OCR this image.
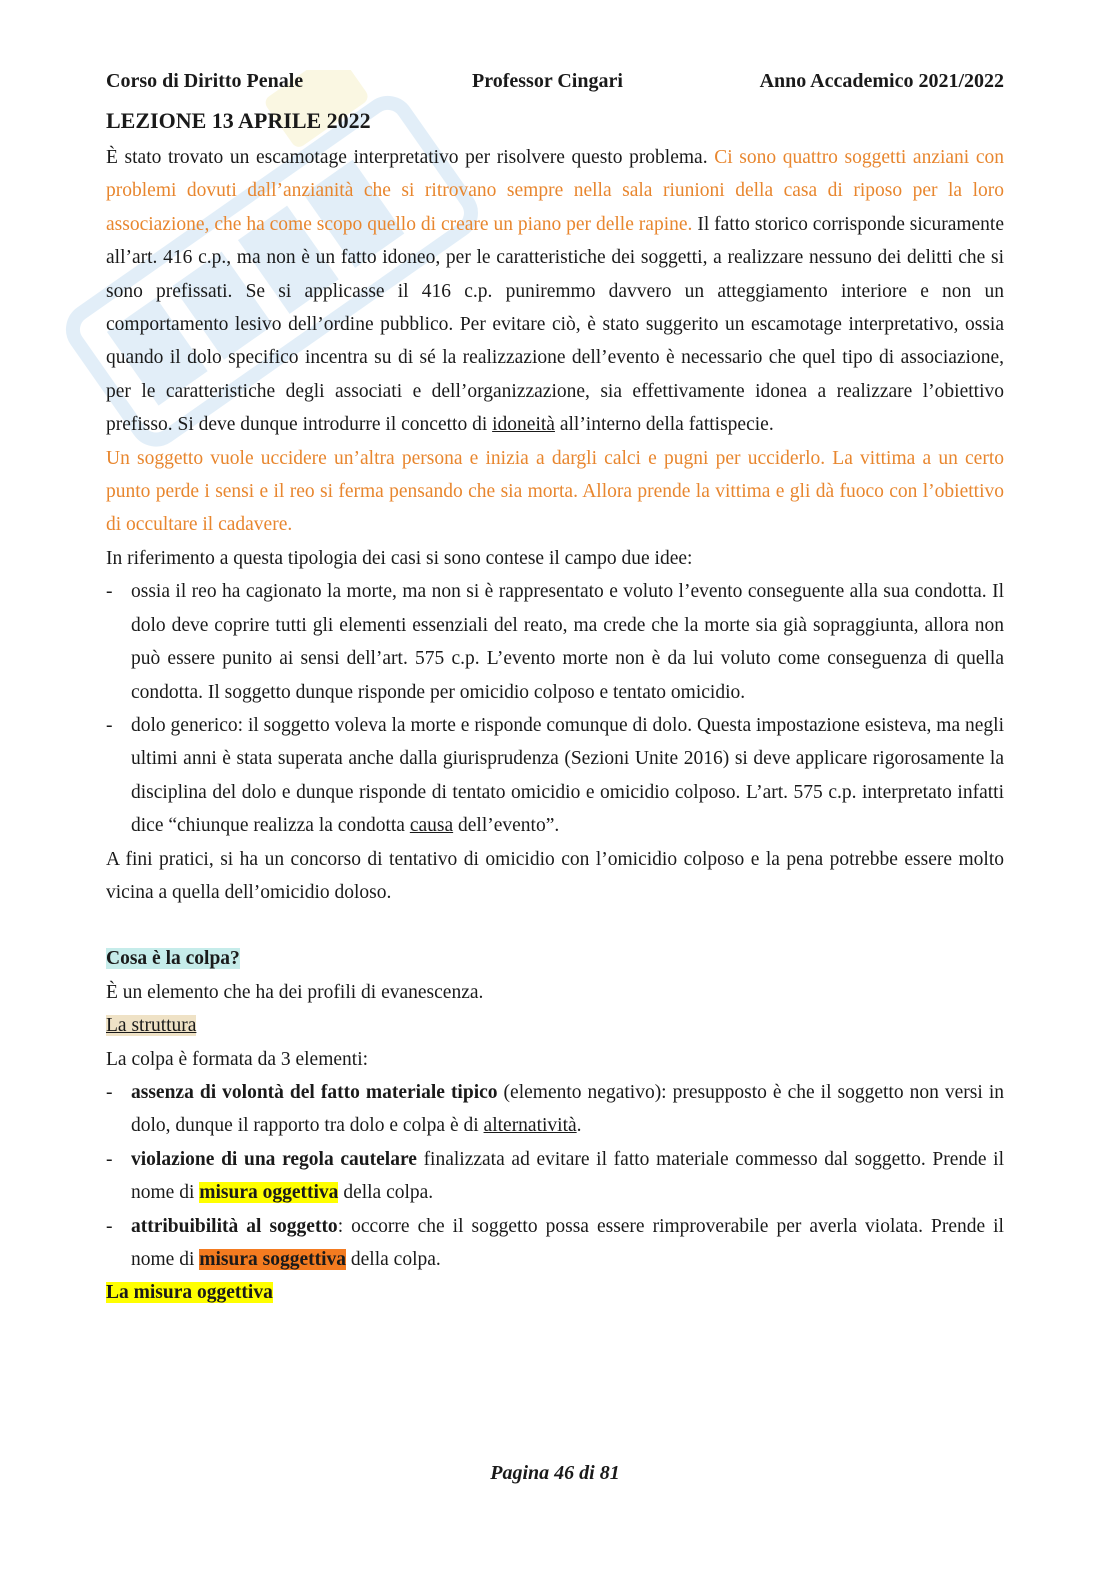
Corso di Diritto Penale	Professor Cingari	Anno Accademico 2021/2022
LEZIONE 13 APRILE 2022

È stato trovato un escamotage interpretativo per risolvere questo problema. Ci sono quattro soggetti anziani con problemi dovuti dall’anzianità che si ritrovano sempre nella sala riunioni della casa di riposo per la loro associazione, che ha come scopo quello di creare un piano per delle rapine. Il fatto storico corrisponde sicuramente all’art. 416 c.p., ma non è un fatto idoneo, per le caratteristiche dei soggetti, a realizzare nessuno dei delitti che si sono prefissati. Se si applicasse il 416 c.p. puniremmo davvero un atteggiamento interiore e non un comportamento lesivo dell’ordine pubblico. Per evitare ciò, è stato suggerito un escamotage interpretativo, ossia quando il dolo specifico incentra su di sé la realizzazione dell’evento è necessario che quel tipo di associazione, per le caratteristiche degli associati e dell’organizzazione, sia effettivamente idonea a realizzare l’obiettivo prefisso. Si deve dunque introdurre il concetto di idoneità all’interno della fattispecie.

Un soggetto vuole uccidere un’altra persona e inizia a dargli calci e pugni per ucciderlo. La vittima a un certo punto perde i sensi e il reo si ferma pensando che sia morta. Allora prende la vittima e gli dà fuoco con l’obiettivo di occultare il cadavere.

In riferimento a questa tipologia dei casi si sono contese il campo due idee:

- ossia il reo ha cagionato la morte, ma non si è rappresentato e voluto l’evento conseguente alla sua condotta. Il dolo deve coprire tutti gli elementi essenziali del reato, ma crede che la morte sia già sopraggiunta, allora non può essere punito ai sensi dell’art. 575 c.p. L’evento morte non è da lui voluto come conseguenza di quella condotta. Il soggetto dunque risponde per omicidio colposo e tentato omicidio.
- dolo generico: il soggetto voleva la morte e risponde comunque di dolo. Questa impostazione esisteva, ma negli ultimi anni è stata superata anche dalla giurisprudenza (Sezioni Unite 2016) si deve applicare rigorosamente la disciplina del dolo e dunque risponde di tentato omicidio e omicidio colposo. L’art. 575 c.p. interpretato infatti dice “chiunque realizza la condotta causa dell’evento”.

A fini pratici, si ha un concorso di tentativo di omicidio con l’omicidio colposo e la pena potrebbe essere molto vicina a quella dell’omicidio doloso.

Cosa è la colpa?

È un elemento che ha dei profili di evanescenza.

La struttura

La colpa è formata da 3 elementi:

- assenza di volontà del fatto materiale tipico (elemento negativo): presupposto è che il soggetto non versi in dolo, dunque il rapporto tra dolo e colpa è di alternatività.
- violazione di una regola cautelare finalizzata ad evitare il fatto materiale commesso dal soggetto. Prende il nome di misura oggettiva della colpa.
- attribuibilità al soggetto: occorre che il soggetto possa essere rimproverabile per averla violata. Prende il nome di misura soggettiva della colpa.

La misura oggettiva

Pagina 46 di 81
